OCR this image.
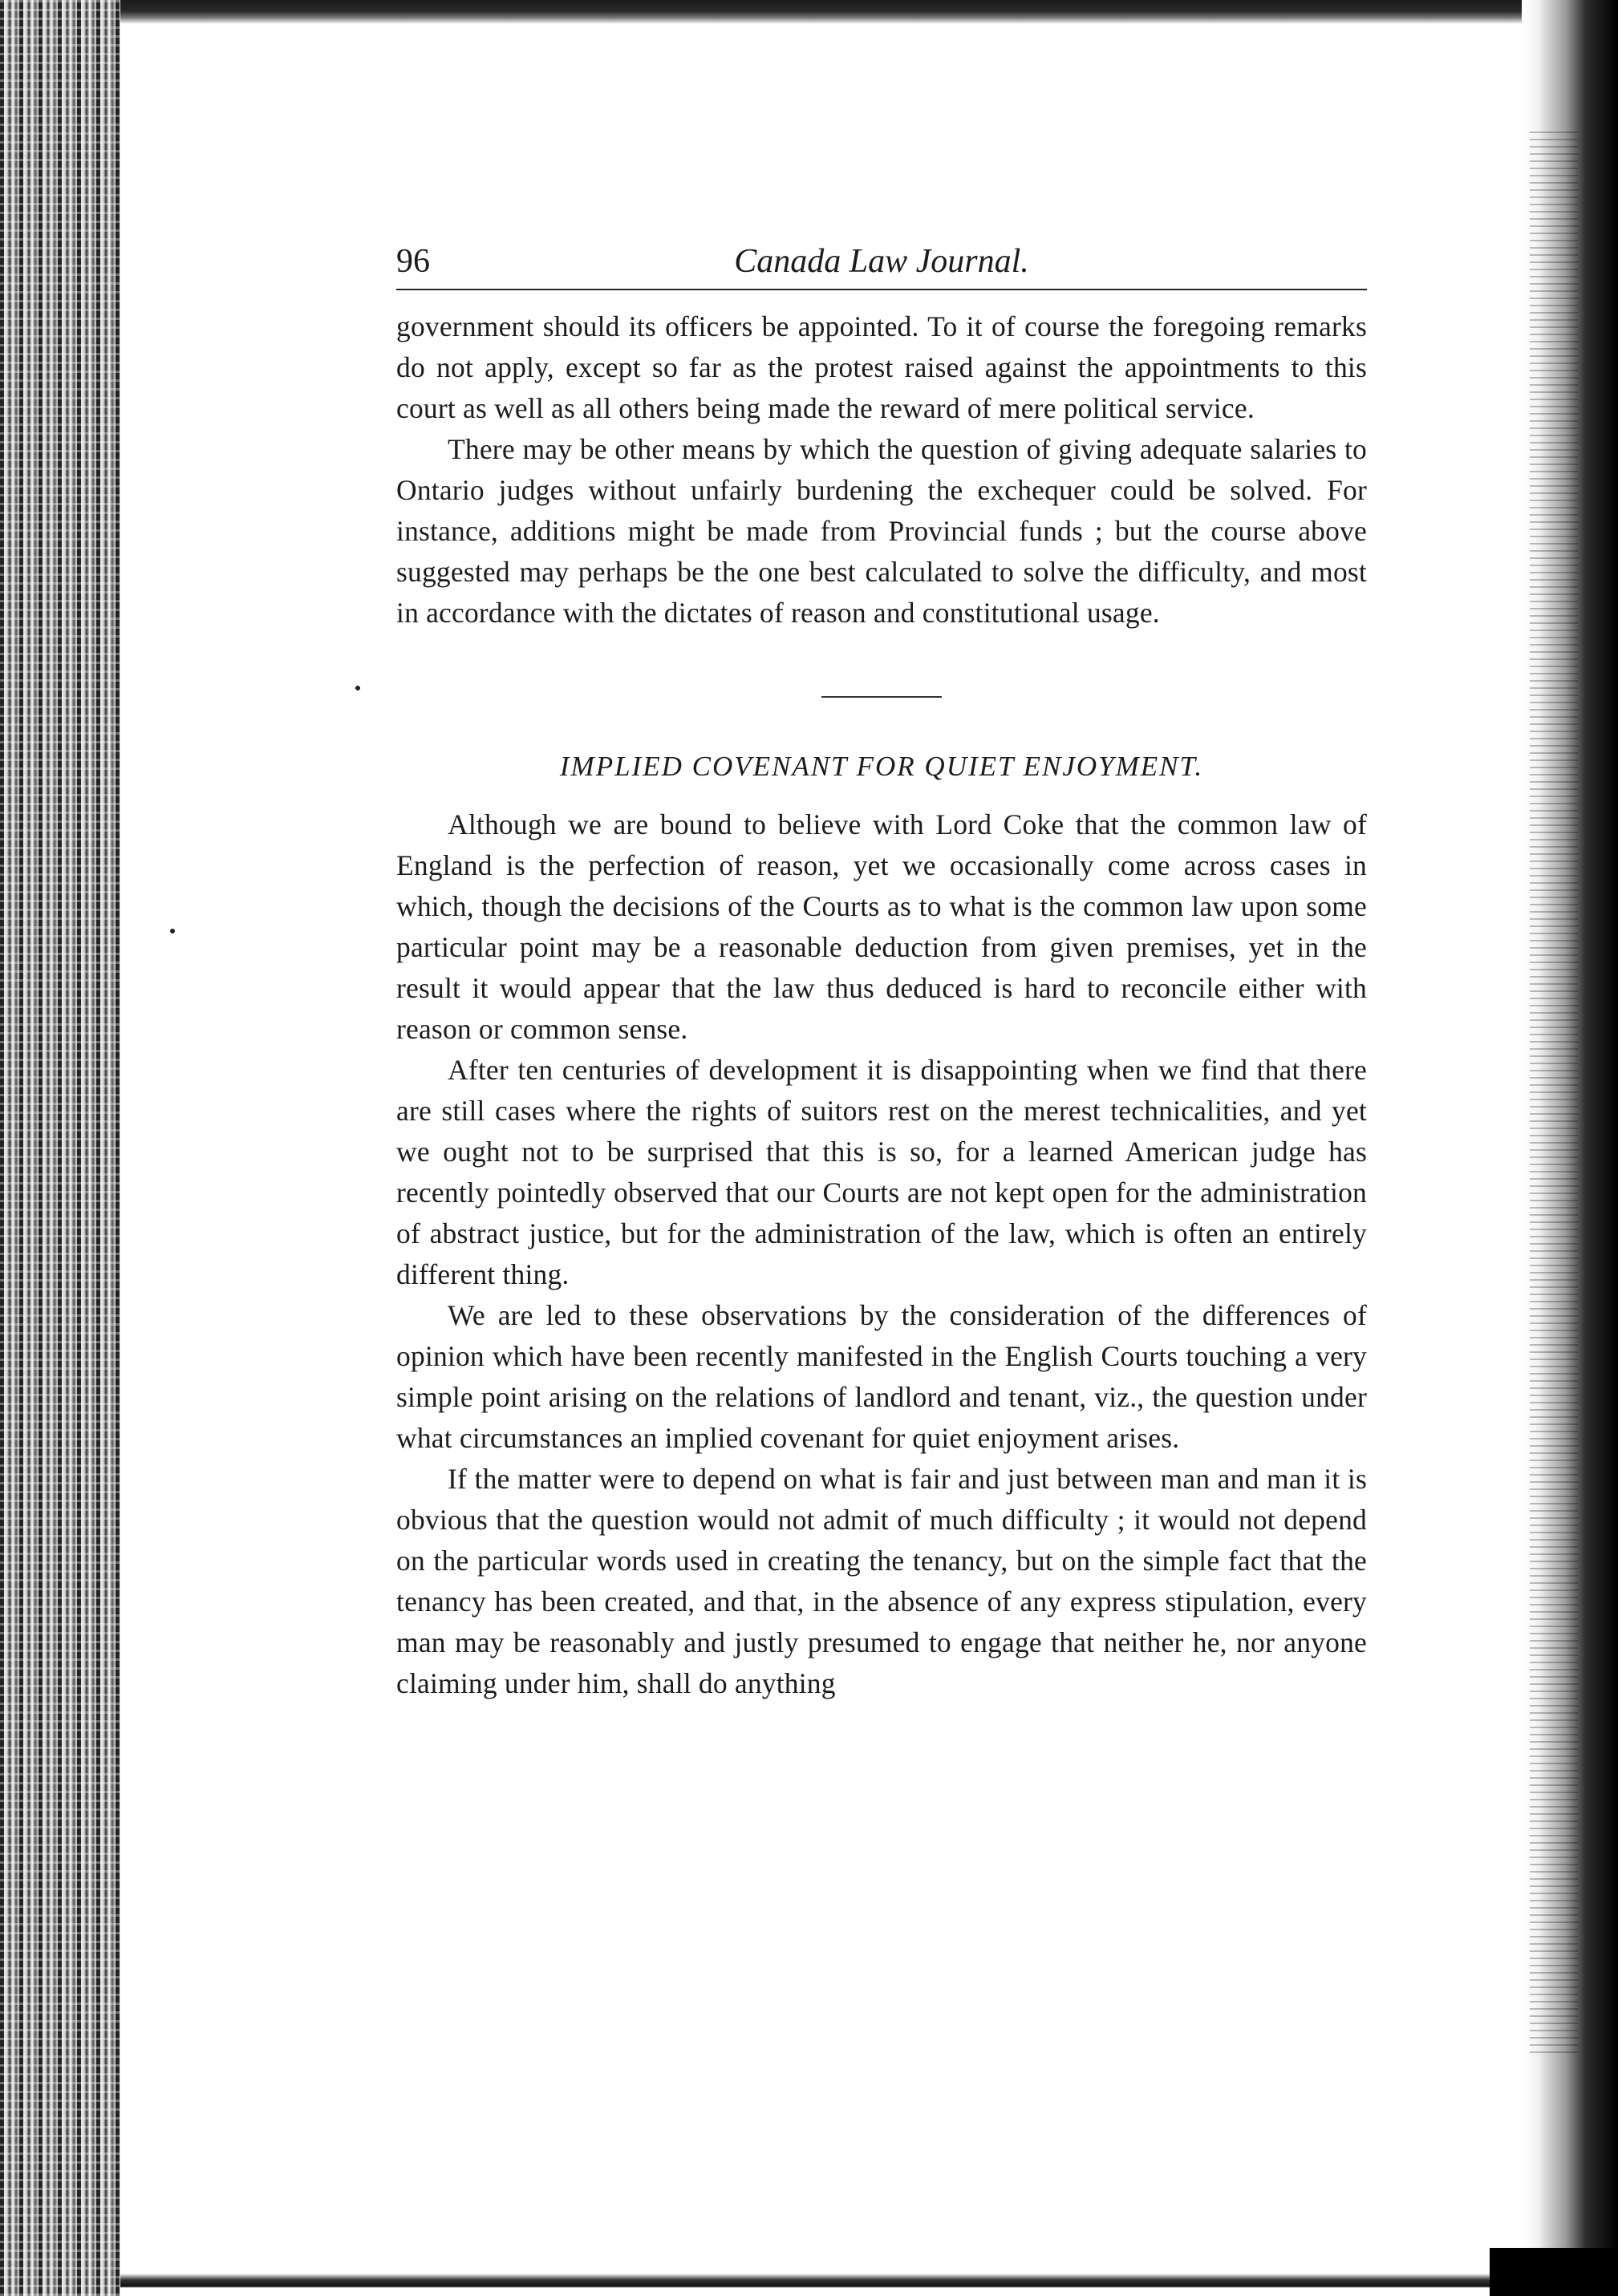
96	Canada Law Journal.

government should its officers be appointed. To it of course the foregoing remarks do not apply, except so far as the protest raised against the appointments to this court as well as all others being made the reward of mere political service.

There may be other means by which the question of giving adequate salaries to Ontario judges without unfairly burdening the exchequer could be solved. For instance, additions might be made from Provincial funds ; but the course above suggested may perhaps be the one best calculated to solve the difficulty, and most in accordance with the dictates of reason and constitutional usage.

IMPLIED COVENANT FOR QUIET ENJOYMENT.

Although we are bound to believe with Lord Coke that the common law of England is the perfection of reason, yet we occasionally come across cases in which, though the decisions of the Courts as to what is the common law upon some particular point may be a reasonable deduction from given premises, yet in the result it would appear that the law thus deduced is hard to reconcile either with reason or common sense.

After ten centuries of development it is disappointing when we find that there are still cases where the rights of suitors rest on the merest technicalities, and yet we ought not to be surprised that this is so, for a learned American judge has recently pointedly observed that our Courts are not kept open for the administration of abstract justice, but for the administration of the law, which is often an entirely different thing.

We are led to these observations by the consideration of the differences of opinion which have been recently manifested in the English Courts touching a very simple point arising on the relations of landlord and tenant, viz., the question under what circumstances an implied covenant for quiet enjoyment arises.

If the matter were to depend on what is fair and just between man and man it is obvious that the question would not admit of much difficulty ; it would not depend on the particular words used in creating the tenancy, but on the simple fact that the tenancy has been created, and that, in the absence of any express stipulation, every man may be reasonably and justly presumed to engage that neither he, nor anyone claiming under him, shall do anything
